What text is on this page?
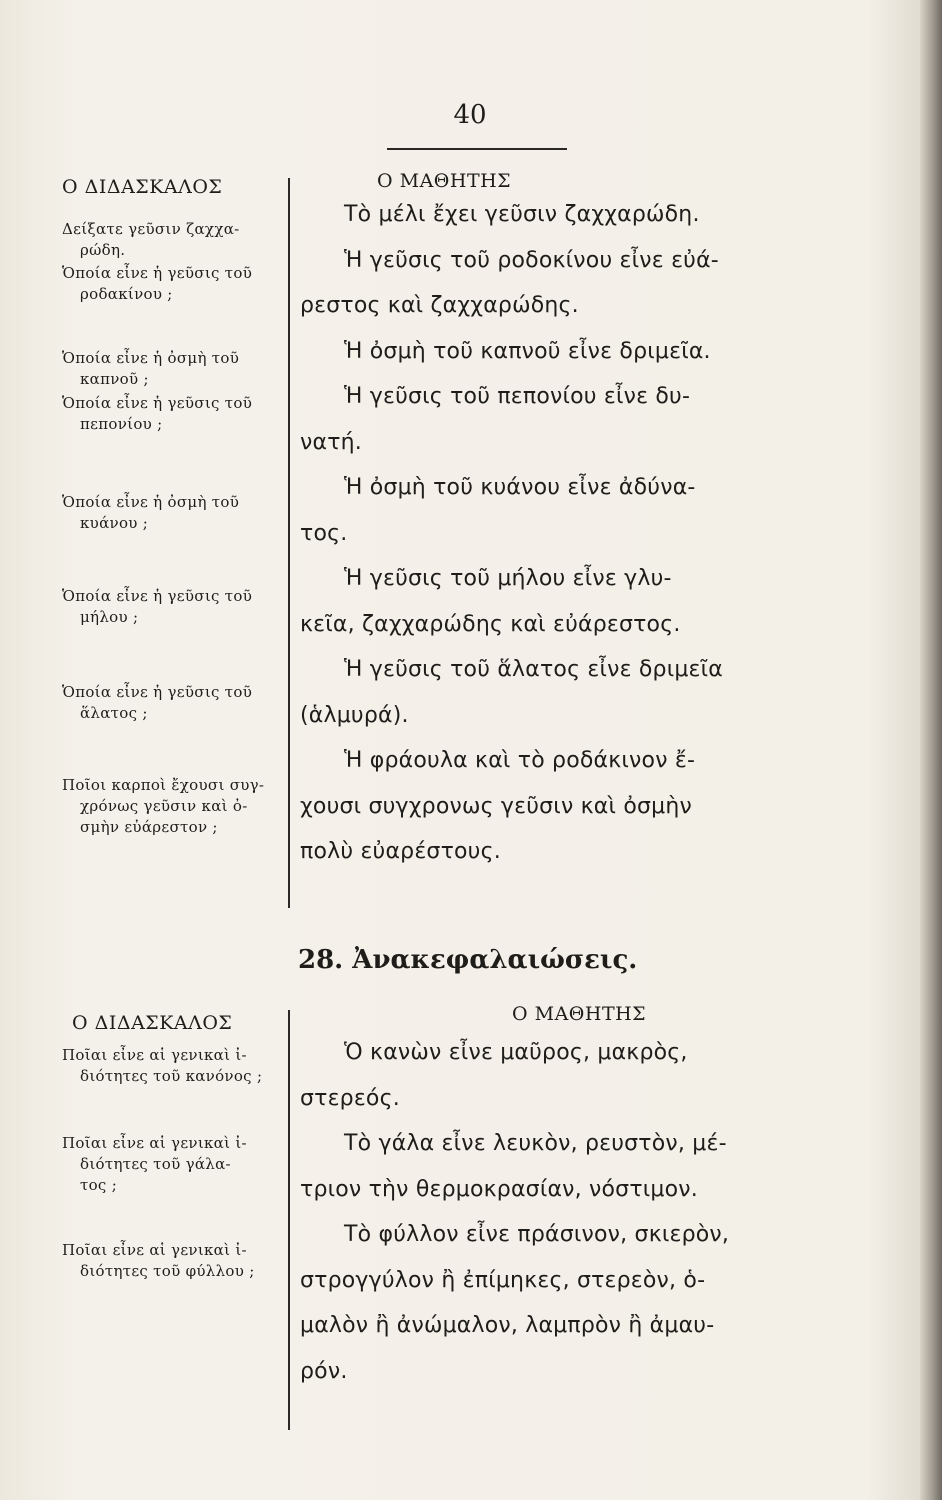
40
Ο ΔΙΔΑΣΚΑΛΟΣ	Ο ΜΑΘΗΤΗΣ
Δείξατε γεῦσιν ζαχχα-
ρώδη.
Ὁποία εἶνε ἡ γεῦσις τοῦ
ροδακίνου ;
Ὁποία εἶνε ἡ ὀσμὴ τοῦ
καπνοῦ ;
Ὁποία εἶνε ἡ γεῦσις τοῦ
πεπονίου ;
Ὁποία εἶνε ἡ ὀσμὴ τοῦ
κυάνου ;
Ὁποία εἶνε ἡ γεῦσις τοῦ
μήλου ;
Ὁποία εἶνε ἡ γεῦσις τοῦ
ἅλατος ;
Ποῖοι καρποὶ ἔχουσι συγ-
χρόνως γεῦσιν καὶ ὀ-
σμὴν εὐάρεστον ;
Τὸ μέλι ἔχει γεῦσιν ζαχχαρώδη.
Ἡ γεῦσις τοῦ ροδοκίνου εἶνε εὐά-
ρεστος καὶ ζαχχαρώδης.
Ἡ ὀσμὴ τοῦ καπνοῦ εἶνε δριμεῖα.
Ἡ γεῦσις τοῦ πεπονίου εἶνε δυ-
νατή.
Ἡ ὀσμὴ τοῦ κυάνου εἶνε ἀδύνα-
τος.
Ἡ γεῦσις τοῦ μήλου εἶνε γλυ-
κεῖα, ζαχχαρώδης καὶ εὐάρεστος.
Ἡ γεῦσις τοῦ ἅλατος εἶνε δριμεῖα
(ἁλμυρά).
Ἡ φράουλα καὶ τὸ ροδάκινον ἔ-
χουσι συγχρονως γεῦσιν καὶ ὀσμὴν
πολὺ εὐαρέστους.
28. Ἀνακεφαλαιώσεις.
Ο ΔΙΔΑΣΚΑΛΟΣ	Ο ΜΑΘΗΤΗΣ
Ποῖαι εἶνε αἱ γενικαὶ ἰ-
διότητες τοῦ κανόνος ;
Ποῖαι εἶνε αἱ γενικαὶ ἰ-
διότητες τοῦ γάλα-
τος ;
Ποῖαι εἶνε αἱ γενικαὶ ἰ-
διότητες τοῦ φύλλου ;
Ὁ κανὼν εἶνε μαῦρος, μακρὸς,
στερεός.
Τὸ γάλα εἶνε λευκὸν, ρευστὸν, μέ-
τριον τὴν θερμοκρασίαν, νόστιμον.
Τὸ φύλλον εἶνε πράσινον, σκιερὸν,
στρογγύλον ἢ ἐπίμηκες, στερεὸν, ὁ-
μαλὸν ἢ ἀνώμαλον, λαμπρὸν ἢ ἀμαυ-
ρόν.
